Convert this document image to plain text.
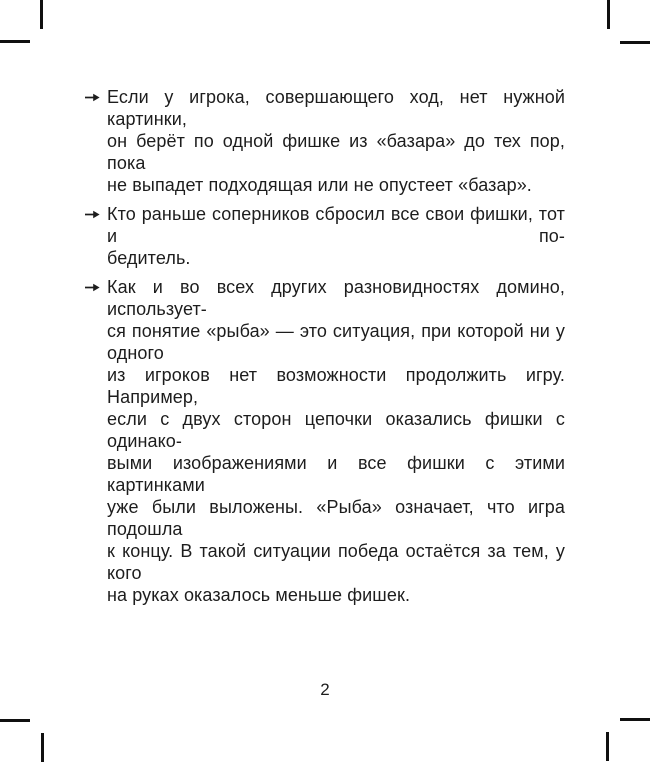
Если у игрока, совершающего ход, нет нужной картинки,
он берёт по одной фишке из «базара» до тех пор, пока
не выпадет подходящая или не опустеет «базар».
Кто раньше соперников сбросил все свои фишки, тот и по-
бедитель.
Как и во всех других разновидностях домино, использует-
ся понятие «рыба» — это ситуация, при которой ни у одного
из игроков нет возможности продолжить игру. Например,
если с двух сторон цепочки оказались фишки с одинако-
выми изображениями и все фишки с этими картинками
уже были выложены. «Рыба» означает, что игра подошла
к концу. В такой ситуации победа остаётся за тем, у кого
на руках оказалось меньше фишек.
2
